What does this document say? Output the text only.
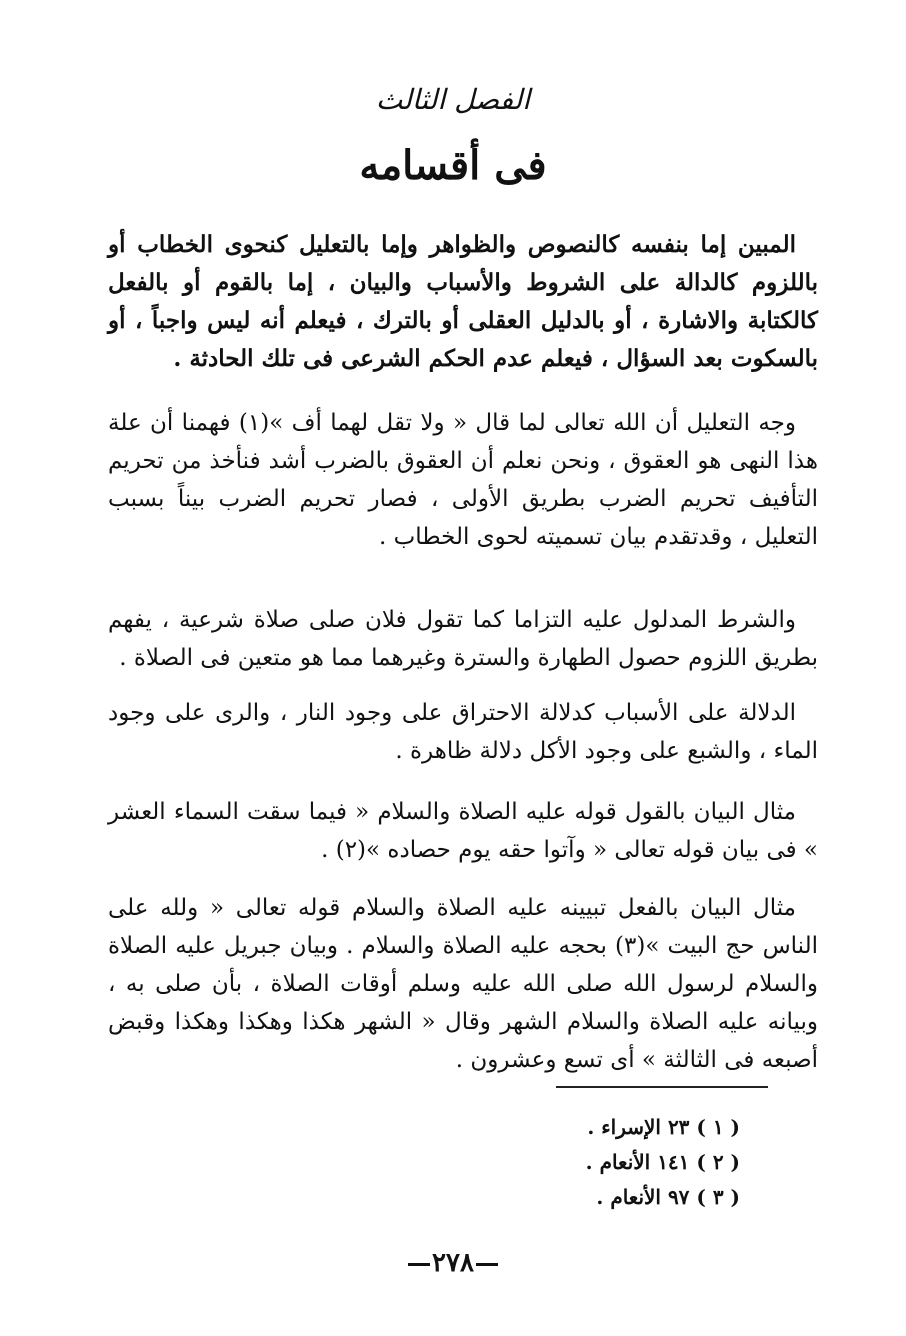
الفصل الثالث
فى أقسامه
المبين إما بنفسه كالنصوص والظواهر وإما بالتعليل كنحوى الخطاب أو باللزوم كالدالة على الشروط والأسباب والبيان ، إما بالقوم أو بالفعل كالكتابة والاشارة ، أو بالدليل العقلى أو بالترك ، فيعلم أنه ليس واجباً ، أو بالسكوت بعد السؤال ، فيعلم عدم الحكم الشرعى فى تلك الحادثة .
وجه التعليل أن الله تعالى لما قال « ولا تقل لهما أف »(١) فهمنا أن علة هذا النهى هو العقوق ، ونحن نعلم أن العقوق بالضرب أشد فنأخذ من تحريم التأفيف تحريم الضرب بطريق الأولى ، فصار تحريم الضرب بيناً بسبب التعليل ، وقدتقدم بيان تسميته لحوى الخطاب .
والشرط المدلول عليه التزاما كما تقول فلان صلى صلاة شرعية ، يفهم بطريق اللزوم حصول الطهارة والسترة وغيرهما مما هو متعين فى الصلاة .
الدلالة على الأسباب كدلالة الاحتراق على وجود النار ، والرى على وجود الماء ، والشبع على وجود الأكل دلالة ظاهرة .
مثال البيان بالقول قوله عليه الصلاة والسلام « فيما سقت السماء العشر » فى بيان قوله تعالى « وآتوا حقه يوم حصاده »(٢) .
مثال البيان بالفعل تبيينه عليه الصلاة والسلام قوله تعالى « ولله على الناس حج البيت »(٣) بحجه عليه الصلاة والسلام . وبيان جبريل عليه الصلاة والسلام لرسول الله صلى الله عليه وسلم أوقات الصلاة ، بأن صلى به ، وبيانه عليه الصلاة والسلام الشهر وقال « الشهر هكذا وهكذا وهكذا وقبض أصبعه فى الثالثة » أى تسع وعشرون .
( ١ ) ٢٣ الإسراء .
( ٢ ) ١٤١ الأنعام .
( ٣ ) ٩٧ الأنعام .
٢٧٨
